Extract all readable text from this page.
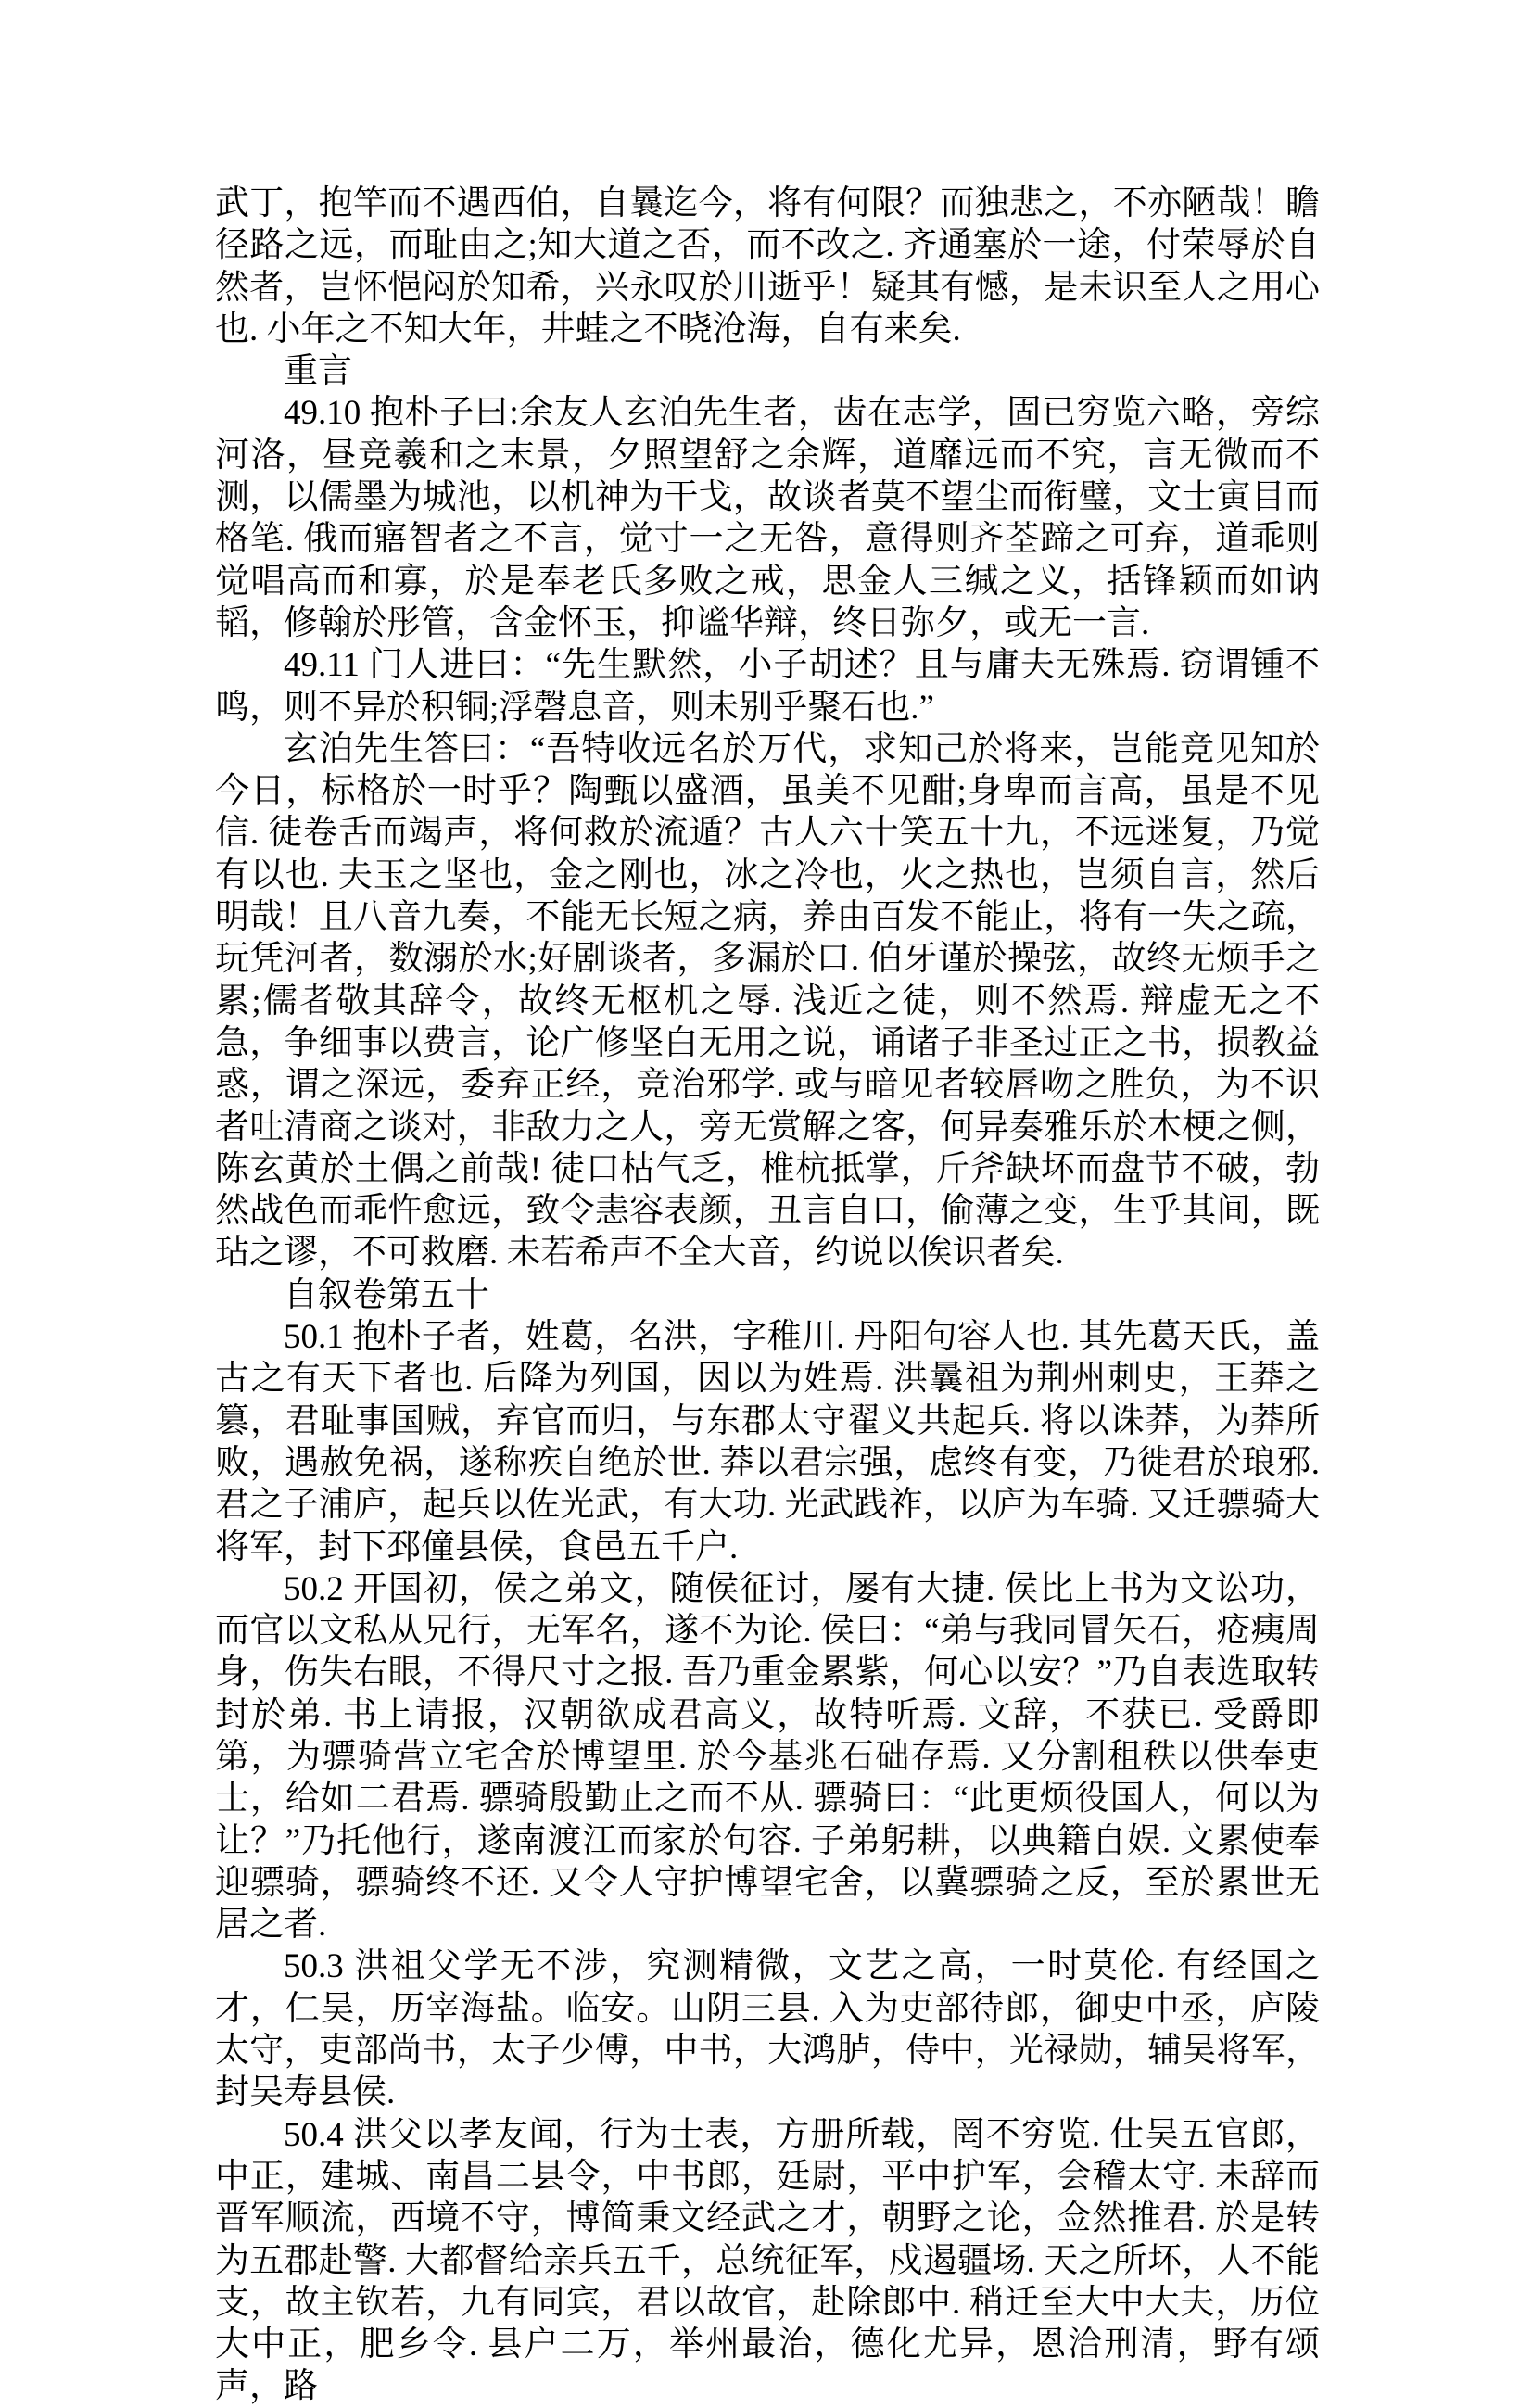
武丁，抱竿而不遇西伯，自曩迄今，将有何限？而独悲之，不亦陋哉！瞻径路之远，而耻由之;知大道之否，而不改之. 齐通塞於一途，付荣辱於自然者，岂怀悒闷於知希，兴永叹於川逝乎！疑其有憾，是未识至人之用心也. 小年之不知大年，井蛙之不晓沧海，自有来矣.

重言

49.10 抱朴子曰:余友人玄泊先生者，齿在志学，固已穷览六略，旁综河洛，昼竞羲和之末景，夕照望舒之余辉，道靡远而不究，言无微而不测，以儒墨为城池，以机神为干戈，故谈者莫不望尘而衔璧，文士寅目而格笔. 俄而寤智者之不言，觉寸一之无咎，意得则齐荃蹄之可弃，道乖则觉唱高而和寡，於是奉老氏多败之戒，思金人三缄之义，括锋颖而如讷韬，修翰於彤管，含金怀玉，抑谧华辩，终日弥夕，或无一言.

49.11 门人进曰：“先生默然，小子胡述？且与庸夫无殊焉. 窃谓锺不鸣，则不异於积铜;浮磬息音，则未别乎聚石也.”

玄泊先生答曰：“吾特收远名於万代，求知己於将来，岂能竞见知於今日，标格於一时乎？陶甄以盛酒，虽美不见酣;身卑而言高，虽是不见信. 徒卷舌而竭声，将何救於流遁？古人六十笑五十九，不远迷复，乃觉有以也. 夫玉之坚也，金之刚也，冰之冷也，火之热也，岂须自言，然后明哉！且八音九奏，不能无长短之病，养由百发不能止，将有一失之疏，玩凭河者，数溺於水;好剧谈者，多漏於口. 伯牙谨於操弦，故终无烦手之累;儒者敬其辞令，故终无枢机之辱. 浅近之徒，则不然焉. 辩虚无之不急，争细事以费言，论广修坚白无用之说，诵诸子非圣过正之书，损教益惑，谓之深远，委弃正经，竞治邪学. 或与暗见者较唇吻之胜负，为不识者吐清商之谈对，非敌力之人，旁无赏解之客，何异奏雅乐於木梗之侧，陈玄黄於土偶之前哉! 徒口枯气乏，椎杭抵掌，斤斧缺坏而盘节不破，勃然战色而乖忤愈远，致令恚容表颜，丑言自口，偷薄之变，生乎其间，既玷之谬，不可救磨. 未若希声不全大音，约说以俟识者矣.

自叙卷第五十

50.1 抱朴子者，姓葛，名洪，字稚川. 丹阳句容人也. 其先葛天氏，盖古之有天下者也. 后降为列国，因以为姓焉. 洪曩祖为荆州刺史，王莽之篡，君耻事国贼，弃官而归，与东郡太守翟义共起兵. 将以诛莽，为莽所败，遇赦免祸，遂称疾自绝於世. 莽以君宗强，虑终有变，乃徙君於琅邪. 君之子浦庐，起兵以佐光武，有大功. 光武践祚，以庐为车骑. 又迁骠骑大将军，封下邳僮县侯，食邑五千户.

50.2 开国初，侯之弟文，随侯征讨，屡有大捷. 侯比上书为文讼功，而官以文私从兄行，无军名，遂不为论. 侯曰：“弟与我同冒矢石，疮痍周身，伤失右眼，不得尺寸之报. 吾乃重金累紫，何心以安？”乃自表选取转封於弟. 书上请报，汉朝欲成君高义，故特听焉. 文辞，不获已. 受爵即第，为骠骑营立宅舍於博望里. 於今基兆石础存焉. 又分割租秩以供奉吏士，给如二君焉. 骠骑殷勤止之而不从. 骠骑曰：“此更烦役国人，何以为让？”乃托他行，遂南渡江而家於句容. 子弟躬耕，以典籍自娱. 文累使奉迎骠骑，骠骑终不还. 又令人守护博望宅舍，以冀骠骑之反，至於累世无居之者.

50.3 洪祖父学无不涉，究测精微，文艺之高，一时莫伦. 有经国之才，仁吴，历宰海盐。临安。山阴三县. 入为吏部待郎，御史中丞，庐陵太守，吏部尚书，太子少傅，中书，大鸿胪，侍中，光禄勋，辅吴将军，封吴寿县侯.

50.4 洪父以孝友闻，行为士表，方册所载，罔不穷览. 仕吴五官郎，中正，建城、南昌二县令，中书郎，廷尉，平中护军，会稽太守. 未辞而晋军顺流，西境不守，博简秉文经武之才，朝野之论，佥然推君. 於是转为五郡赴警. 大都督给亲兵五千，总统征军，戍遏疆场. 天之所坏，人不能支，故主钦若，九有同宾，君以故官，赴除郎中. 稍迁至大中大夫，历位大中正，肥乡令. 县户二万，举州最治，德化尤异，恩洽刑清，野有颂声，路
